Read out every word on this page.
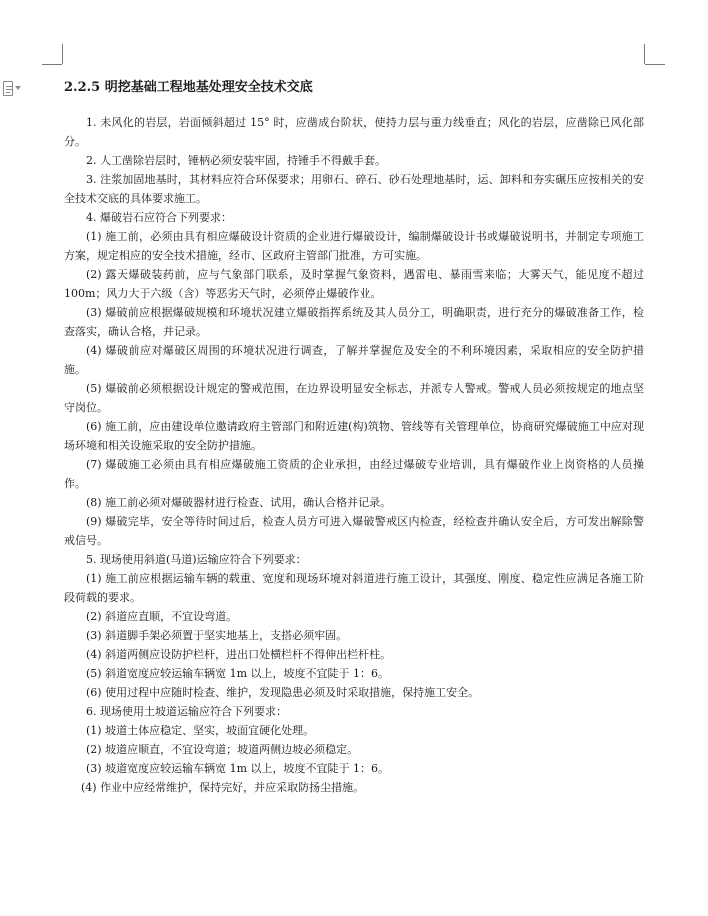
2.2.5 明挖基础工程地基处理安全技术交底

1. 未风化的岩层，岩面倾斜超过 15° 时，应凿成台阶状，使持力层与重力线垂直；风化的岩层，应凿除已风化部分。

2. 人工凿除岩层时，锤柄必须安装牢固，持锤手不得戴手套。

3. 注浆加固地基时，其材料应符合环保要求；用卵石、碎石、砂石处理地基时，运、卸料和夯实碾压应按相关的安全技术交底的具体要求施工。

4. 爆破岩石应符合下列要求：

(1) 施工前，必须由具有相应爆破设计资质的企业进行爆破设计，编制爆破设计书或爆破说明书，并制定专项施工方案，规定相应的安全技术措施，经市、区政府主管部门批准，方可实施。

(2) 露天爆破装药前，应与气象部门联系，及时掌握气象资料，遇雷电、暴雨雪来临；大雾天气，能见度不超过 100m；风力大于六级（含）等恶劣天气时，必须停止爆破作业。

(3) 爆破前应根据爆破规模和环境状况建立爆破指挥系统及其人员分工，明确职责，进行充分的爆破准备工作，检查落实，确认合格，并记录。

(4) 爆破前应对爆破区周围的环境状况进行调查，了解并掌握危及安全的不利环境因素，采取相应的安全防护措施。

(5) 爆破前必须根据设计规定的警戒范围，在边界设明显安全标志，并派专人警戒。警戒人员必须按规定的地点坚守岗位。

(6) 施工前，应由建设单位邀请政府主管部门和附近建(构)筑物、管线等有关管理单位，协商研究爆破施工中应对现场环境和相关设施采取的安全防护措施。

(7) 爆破施工必须由具有相应爆破施工资质的企业承担，由经过爆破专业培训，具有爆破作业上岗资格的人员操作。

(8) 施工前必须对爆破器材进行检查、试用，确认合格并记录。

(9) 爆破完毕，安全等待时间过后，检查人员方可进入爆破警戒区内检查，经检查并确认安全后，方可发出解除警戒信号。

5. 现场使用斜道(马道)运输应符合下列要求：

(1) 施工前应根据运输车辆的载重、宽度和现场环境对斜道进行施工设计，其强度、刚度、稳定性应满足各施工阶段荷载的要求。

(2) 斜道应直顺，不宜设弯道。

(3) 斜道脚手架必须置于坚实地基上，支搭必须牢固。

(4) 斜道两侧应设防护栏杆，进出口处横栏杆不得伸出栏杆柱。

(5) 斜道宽度应较运输车辆宽 1m 以上，坡度不宜陡于 1：6。

(6) 使用过程中应随时检查、维护，发现隐患必须及时采取措施，保持施工安全。

6. 现场使用土坡道运输应符合下列要求：

(1) 坡道土体应稳定、坚实，坡面宜硬化处理。

(2) 坡道应顺直，不宜设弯道；坡道两侧边坡必须稳定。

(3) 坡道宽度应较运输车辆宽 1m 以上，坡度不宜陡于 1：6。

(4) 作业中应经常维护，保持完好，并应采取防扬尘措施。
